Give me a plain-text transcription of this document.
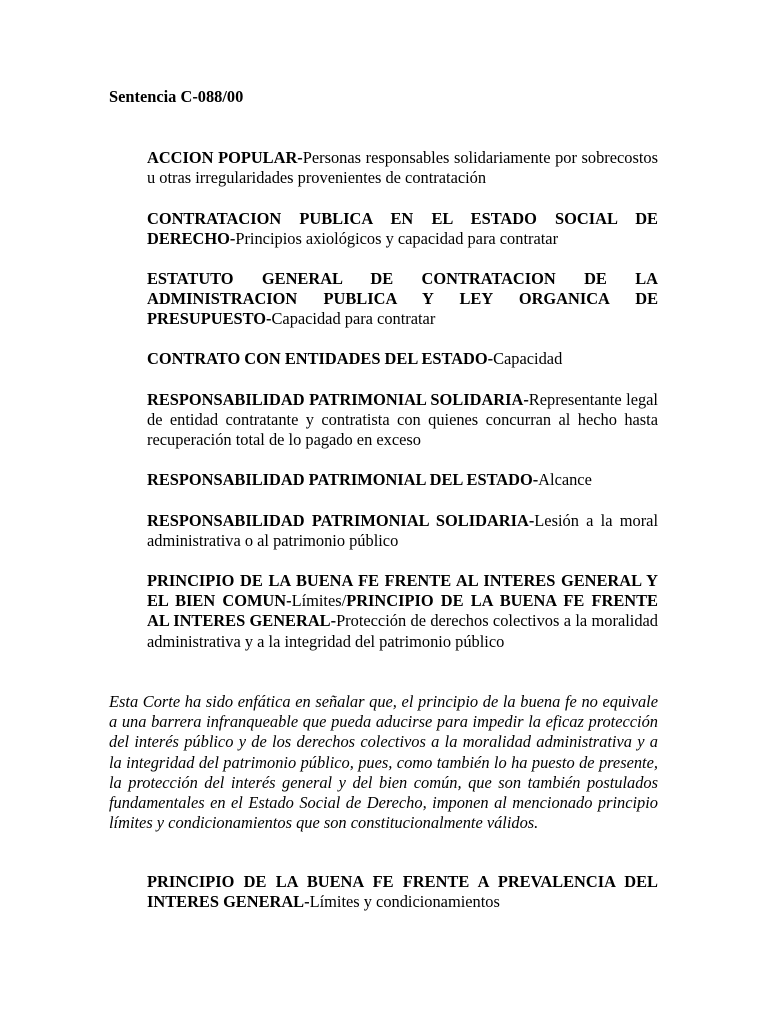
Sentencia C-088/00

ACCION POPULAR-Personas responsables solidariamente por sobrecostos u otras irregularidades provenientes de contratación

CONTRATACION PUBLICA EN EL ESTADO SOCIAL DE DERECHO-Principios axiológicos y capacidad para contratar

ESTATUTO GENERAL DE CONTRATACION DE LA ADMINISTRACION PUBLICA Y LEY ORGANICA DE PRESUPUESTO-Capacidad para contratar

CONTRATO CON ENTIDADES DEL ESTADO-Capacidad

RESPONSABILIDAD PATRIMONIAL SOLIDARIA-Representante legal de entidad contratante y contratista con quienes concurran al hecho hasta recuperación total de lo pagado en exceso

RESPONSABILIDAD PATRIMONIAL DEL ESTADO-Alcance

RESPONSABILIDAD PATRIMONIAL SOLIDARIA-Lesión a la moral administrativa o al patrimonio público

PRINCIPIO DE LA BUENA FE FRENTE AL INTERES GENERAL Y EL BIEN COMUN-Límites/PRINCIPIO DE LA BUENA FE FRENTE AL INTERES GENERAL-Protección de derechos colectivos a la moralidad administrativa y a la integridad del patrimonio público

Esta Corte ha sido enfática en señalar que, el principio de la buena fe no equivale a una barrera infranqueable que pueda aducirse para impedir la eficaz protección del interés público y de los derechos colectivos a la moralidad administrativa y a la integridad del patrimonio público, pues, como también lo ha puesto de presente, la protección del interés general y del bien común, que son también postulados fundamentales en el Estado Social de Derecho, imponen al mencionado principio límites y condicionamientos que son constitucionalmente válidos.

PRINCIPIO DE LA BUENA FE FRENTE A PREVALENCIA DEL INTERES GENERAL-Límites y condicionamientos
